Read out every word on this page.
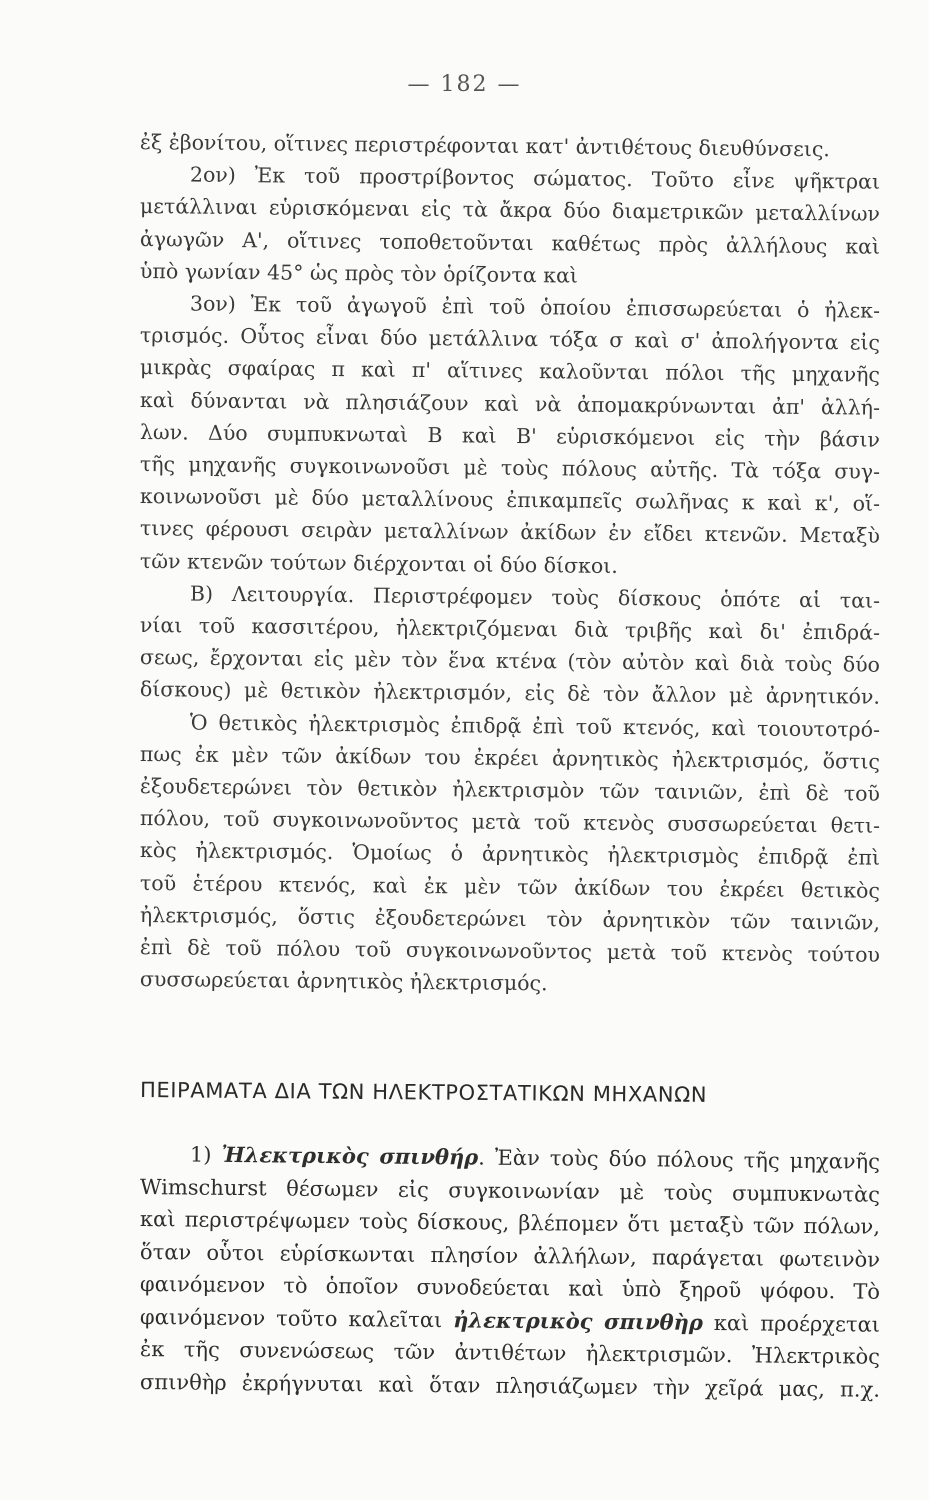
— 182 —
ἐξ ἐβονίτου, οἵτινες περιστρέφονται κατ' ἀντιθέτους διευθύνσεις.
2ον) Ἐκ τοῦ προστρίβοντος σώματος. Τοῦτο εἶνε ψῆκτραι
μετάλλιναι εὑρισκόμεναι εἰς τὰ ἄκρα δύο διαμετρικῶν μεταλλίνων
ἀγωγῶν Α', οἵτινες τοποθετοῦνται καθέτως πρὸς ἀλλήλους καὶ
ὑπὸ γωνίαν 45° ὡς πρὸς τὸν ὁρίζοντα καὶ
3ον) Ἐκ τοῦ ἀγωγοῦ ἐπὶ τοῦ ὁποίου ἐπισσωρεύεται ὁ ἠλεκ-
τρισμός. Οὗτος εἶναι δύο μετάλλινα τόξα σ καὶ σ' ἀπολήγοντα εἰς
μικρὰς σφαίρας π καὶ π' αἵτινες καλοῦνται πόλοι τῆς μηχανῆς
καὶ δύνανται νὰ πλησιάζουν καὶ νὰ ἀπομακρύνωνται ἀπ' ἀλλή-
λων. Δύο συμπυκνωταὶ Β καὶ Β' εὑρισκόμενοι εἰς τὴν βάσιν
τῆς μηχανῆς συγκοινωνοῦσι μὲ τοὺς πόλους αὐτῆς. Τὰ τόξα συγ-
κοινωνοῦσι μὲ δύο μεταλλίνους ἐπικαμπεῖς σωλῆνας κ καὶ κ', οἵ-
τινες φέρουσι σειρὰν μεταλλίνων ἀκίδων ἐν εἴδει κτενῶν. Μεταξὺ
τῶν κτενῶν τούτων διέρχονται οἱ δύο δίσκοι.
Β) Λειτουργία. Περιστρέφομεν τοὺς δίσκους ὁπότε αἱ ται-
νίαι τοῦ κασσιτέρου, ἠλεκτριζόμεναι διὰ τριβῆς καὶ δι' ἐπιδρά-
σεως, ἔρχονται εἰς μὲν τὸν ἕνα κτένα (τὸν αὐτὸν καὶ διὰ τοὺς δύο
δίσκους) μὲ θετικὸν ἠλεκτρισμόν, εἰς δὲ τὸν ἄλλον μὲ ἀρνητικόν.
Ὁ θετικὸς ἠλεκτρισμὸς ἐπιδρᾷ ἐπὶ τοῦ κτενός, καὶ τοιουτοτρό-
πως ἐκ μὲν τῶν ἀκίδων του ἐκρέει ἀρνητικὸς ἠλεκτρισμός, ὅστις
ἐξουδετερώνει τὸν θετικὸν ἠλεκτρισμὸν τῶν ταινιῶν, ἐπὶ δὲ τοῦ
πόλου, τοῦ συγκοινωνοῦντος μετὰ τοῦ κτενὸς συσσωρεύεται θετι-
κὸς ἠλεκτρισμός. Ὁμοίως ὁ ἀρνητικὸς ἠλεκτρισμὸς ἐπιδρᾷ ἐπὶ
τοῦ ἑτέρου κτενός, καὶ ἐκ μὲν τῶν ἀκίδων του ἐκρέει θετικὸς
ἠλεκτρισμός, ὅστις ἐξουδετερώνει τὸν ἀρνητικὸν τῶν ταινιῶν,
ἐπὶ δὲ τοῦ πόλου τοῦ συγκοινωνοῦντος μετὰ τοῦ κτενὸς τούτου
συσσωρεύεται ἀρνητικὸς ἠλεκτρισμός.
ΠΕΙΡΑΜΑΤΑ ΔΙΑ ΤΩΝ ΗΛΕΚΤΡΟΣΤΑΤΙΚΩΝ ΜΗΧΑΝΩΝ
1) Ἠλεκτρικὸς σπινθήρ. Ἐὰν τοὺς δύο πόλους τῆς μηχανῆς
Wimschurst θέσωμεν εἰς συγκοινωνίαν μὲ τοὺς συμπυκνωτὰς
καὶ περιστρέψωμεν τοὺς δίσκους, βλέπομεν ὅτι μεταξὺ τῶν πόλων,
ὅταν οὗτοι εὑρίσκωνται πλησίον ἀλλήλων, παράγεται φωτεινὸν
φαινόμενον τὸ ὁποῖον συνοδεύεται καὶ ὑπὸ ξηροῦ ψόφου. Τὸ
φαινόμενον τοῦτο καλεῖται ἠλεκτρικὸς σπινθὴρ καὶ προέρχεται
ἐκ τῆς συνενώσεως τῶν ἀντιθέτων ἠλεκτρισμῶν. Ἠλεκτρικὸς
σπινθὴρ ἐκρήγνυται καὶ ὅταν πλησιάζωμεν τὴν χεῖρά μας, π.χ.
